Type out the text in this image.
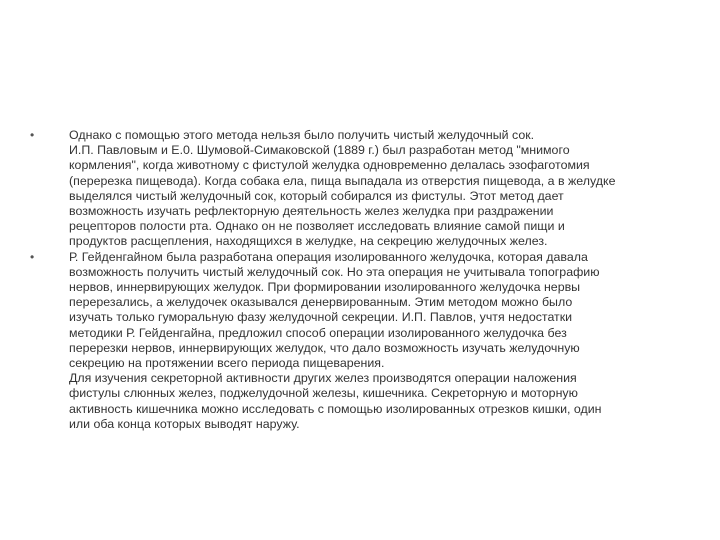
•	Однако с помощью этого метода нельзя было получить чистый желудочный сок.
И.П. Павловым и Е.0. Шумовой-Симаковской (1889 г.) был разработан метод "мнимого
кормления", когда животному с фистулой желудка одновременно делалась эзофаготомия
(перерезка пищевода). Когда собака ела, пища выпадала из отверстия пищевода, а в желудке
выделялся чистый желудочный сок, который собирался из фистулы. Этот метод дает
возможность изучать рефлекторную деятельность желез желудка при раздражении
рецепторов полости рта. Однако он не позволяет исследовать влияние самой пищи и
продуктов расщепления, находящихся в желудке, на секрецию желудочных желез.
•	Р. Гейденгайном была разработана операция изолированного желудочка, которая давала
возможность получить чистый желудочный сок. Но эта операция не учитывала топографию
нервов, иннервирующих желудок. При формировании изолированного желудочка нервы
перерезались, а желудочек оказывался денервированным. Этим методом можно было
изучать только гуморальную фазу желудочной секреции. И.П. Павлов, учтя недостатки
методики Р. Гейденгайна, предложил способ операции изолированного желудочка без
перерезки нервов, иннервирующих желудок, что дало возможность изучать желудочную
секрецию на протяжении всего периода пищеварения.
Для изучения секреторной активности других желез производятся операции наложения
фистулы слюнных желез, поджелудочной железы, кишечника. Секреторную и моторную
активность кишечника можно исследовать с помощью изолированных отрезков кишки, один
или оба конца которых выводят наружу.
